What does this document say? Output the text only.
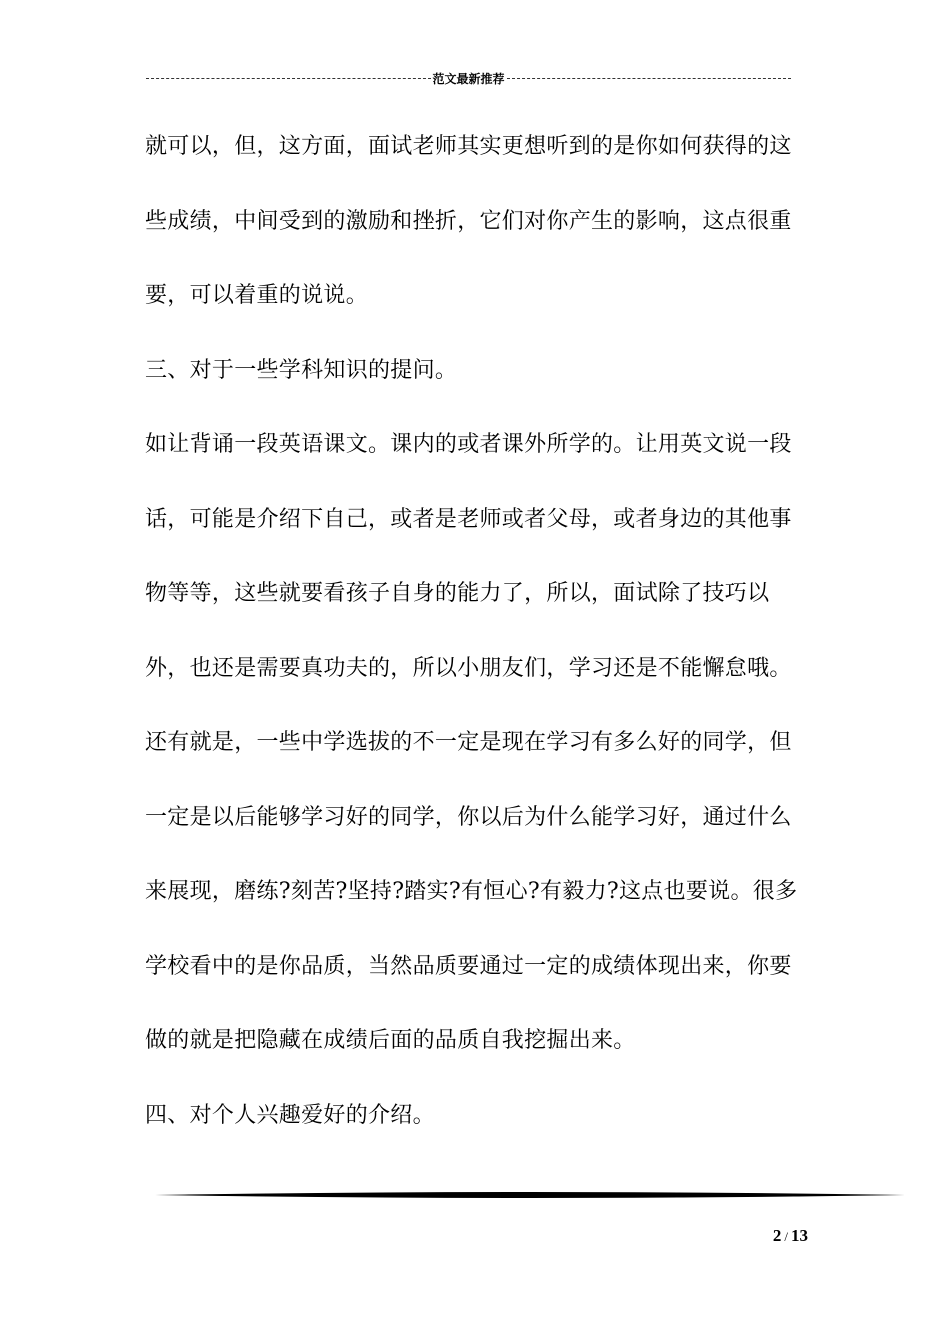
范文最新推荐
就可以，但，这方面，面试老师其实更想听到的是你如何获得的这
些成绩，中间受到的激励和挫折，它们对你产生的影响，这点很重
要，可以着重的说说。
三、对于一些学科知识的提问。
如让背诵一段英语课文。课内的或者课外所学的。让用英文说一段
话，可能是介绍下自己，或者是老师或者父母，或者身边的其他事
物等等，这些就要看孩子自身的能力了，所以，面试除了技巧以
外，也还是需要真功夫的，所以小朋友们，学习还是不能懈怠哦。
还有就是，一些中学选拔的不一定是现在学习有多么好的同学，但
一定是以后能够学习好的同学，你以后为什么能学习好，通过什么
来展现，磨练?刻苦?坚持?踏实?有恒心?有毅力?这点也要说。很多
学校看中的是你品质，当然品质要通过一定的成绩体现出来，你要
做的就是把隐藏在成绩后面的品质自我挖掘出来。
四、对个人兴趣爱好的介绍。
2 / 13
